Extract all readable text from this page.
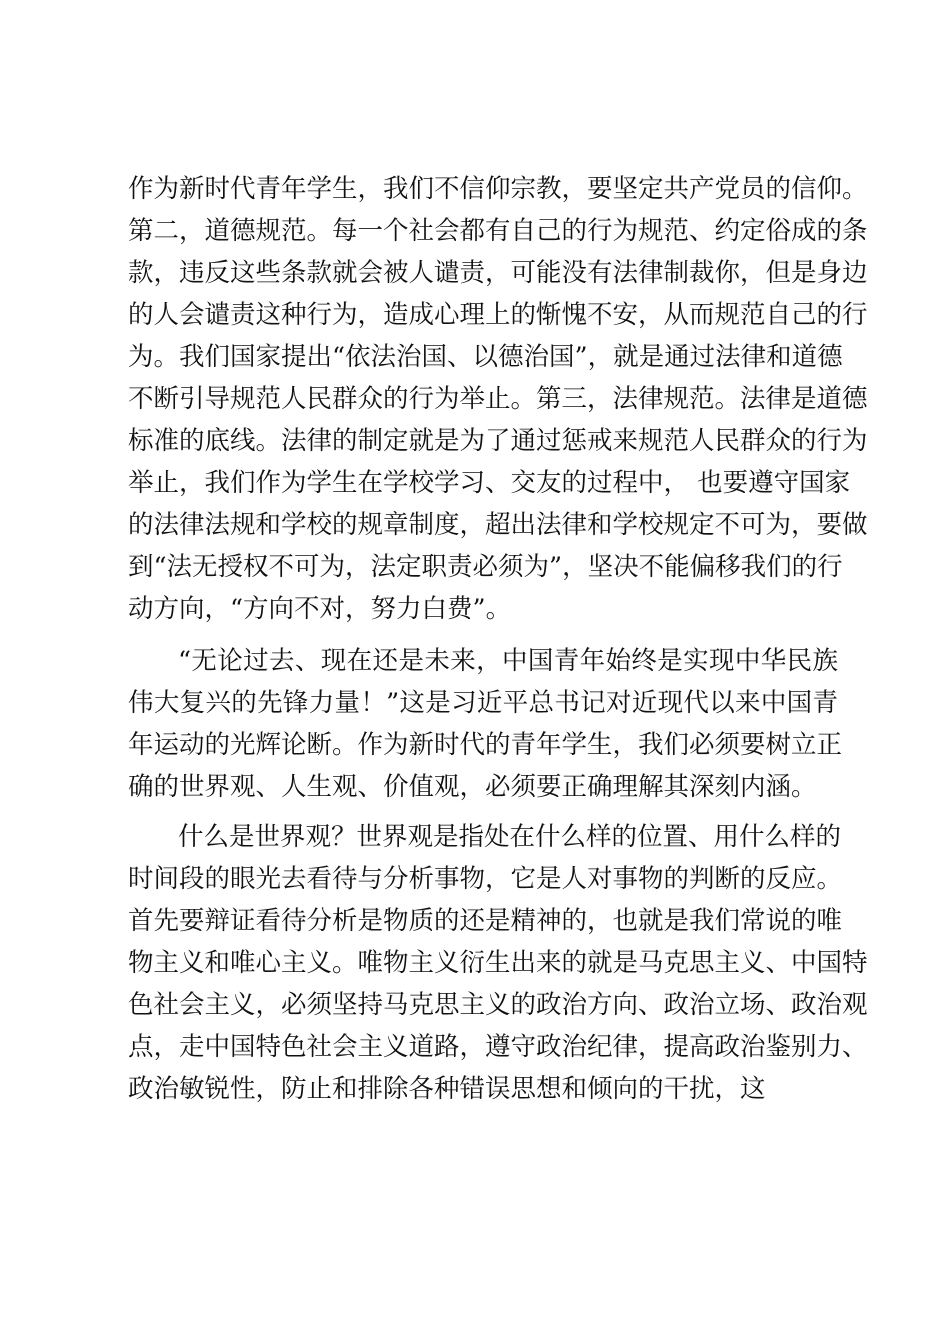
作为新时代青年学生，我们不信仰宗教，要坚定共产党员的信仰。
第二，道德规范。每一个社会都有自己的行为规范、约定俗成的条
款，违反这些条款就会被人谴责，可能没有法律制裁你，但是身边
的人会谴责这种行为，造成心理上的惭愧不安，从而规范自己的行
为。我们国家提出“依法治国、以德治国”，就是通过法律和道德
不断引导规范人民群众的行为举止。第三，法律规范。法律是道德
标准的底线。法律的制定就是为了通过惩戒来规范人民群众的行为
举止，我们作为学生在学校学习、交友的过程中， 也要遵守国家
的法律法规和学校的规章制度，超出法律和学校规定不可为，要做
到“法无授权不可为，法定职责必须为”，坚决不能偏移我们的行
动方向，“方向不对，努力白费”。
“无论过去、现在还是未来，中国青年始终是实现中华民族
伟大复兴的先锋力量！”这是习近平总书记对近现代以来中国青
年运动的光辉论断。作为新时代的青年学生，我们必须要树立正
确的世界观、人生观、价值观，必须要正确理解其深刻内涵。
什么是世界观？世界观是指处在什么样的位置、用什么样的
时间段的眼光去看待与分析事物，它是人对事物的判断的反应。
首先要辩证看待分析是物质的还是精神的，也就是我们常说的唯
物主义和唯心主义。唯物主义衍生出来的就是马克思主义、中国特
色社会主义，必须坚持马克思主义的政治方向、政治立场、政治观
点，走中国特色社会主义道路，遵守政治纪律，提高政治鉴别力、
政治敏锐性，防止和排除各种错误思想和倾向的干扰，这
